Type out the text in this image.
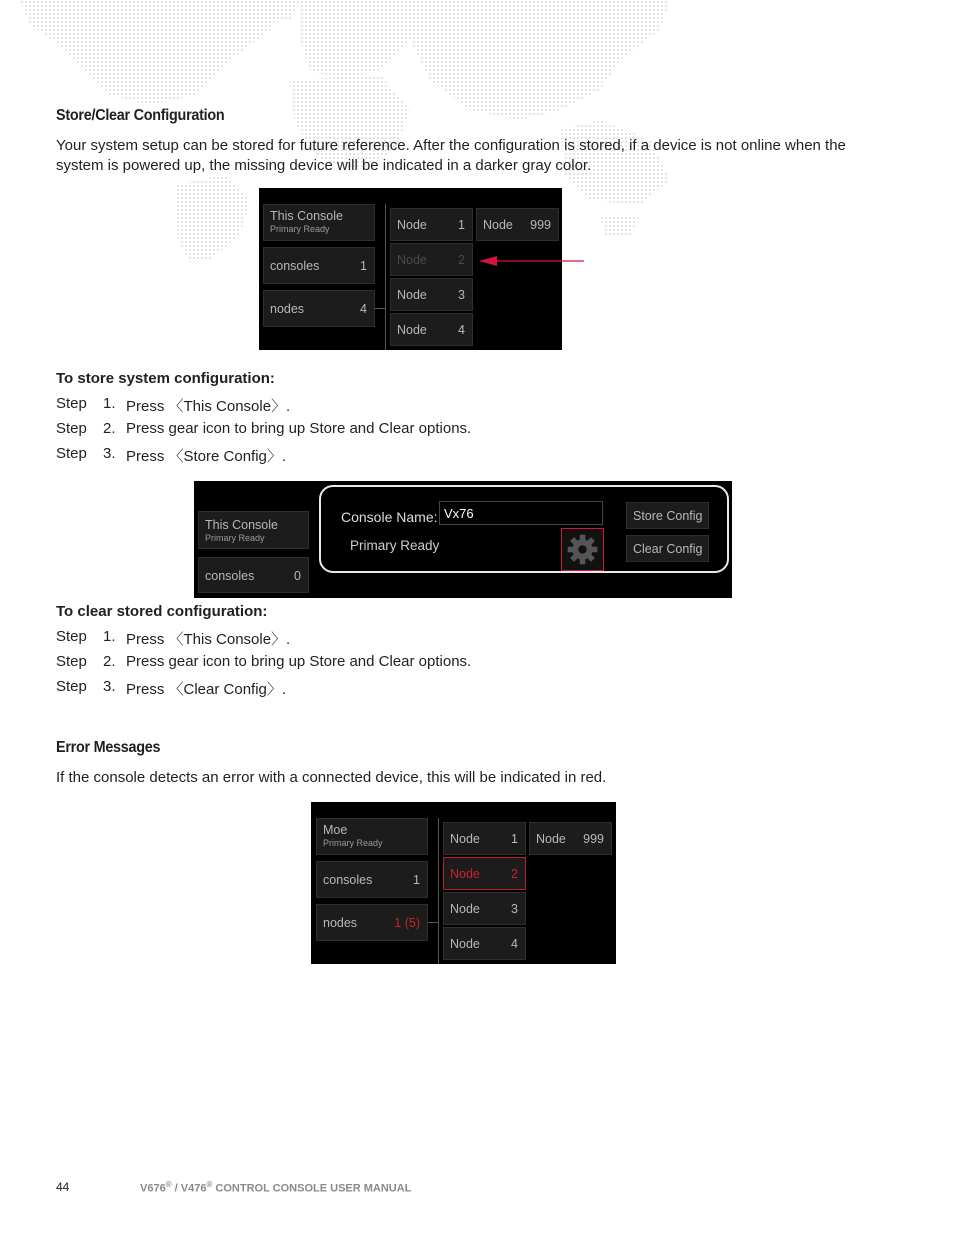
Store/Clear Configuration
Your system setup can be stored for future reference. After the configuration is stored, if a device is not online when the system is powered up, the missing device will be indicated in a darker gray color.
This Console
Primary Ready
consoles	1
nodes	4
Node 1
Node 2
Node 3
Node 4
Node 999
To store system configuration:
Step 1. Press 〈This Console〉.
Step 2. Press gear icon to bring up Store and Clear options.
Step 3. Press 〈Store Config〉.
This Console
Primary Ready
consoles	0
Console Name: Vx76
Primary Ready
Store Config
Clear Config
To clear stored configuration:
Step 1. Press 〈This Console〉.
Step 2. Press gear icon to bring up Store and Clear options.
Step 3. Press 〈Clear Config〉.
Error Messages
If the console detects an error with a connected device, this will be indicated in red.
Moe
Primary Ready
consoles	1
nodes	1 (5)
Node 1
Node 2
Node 3
Node 4
Node 999
44	V676® / V476® CONTROL CONSOLE USER MANUAL
